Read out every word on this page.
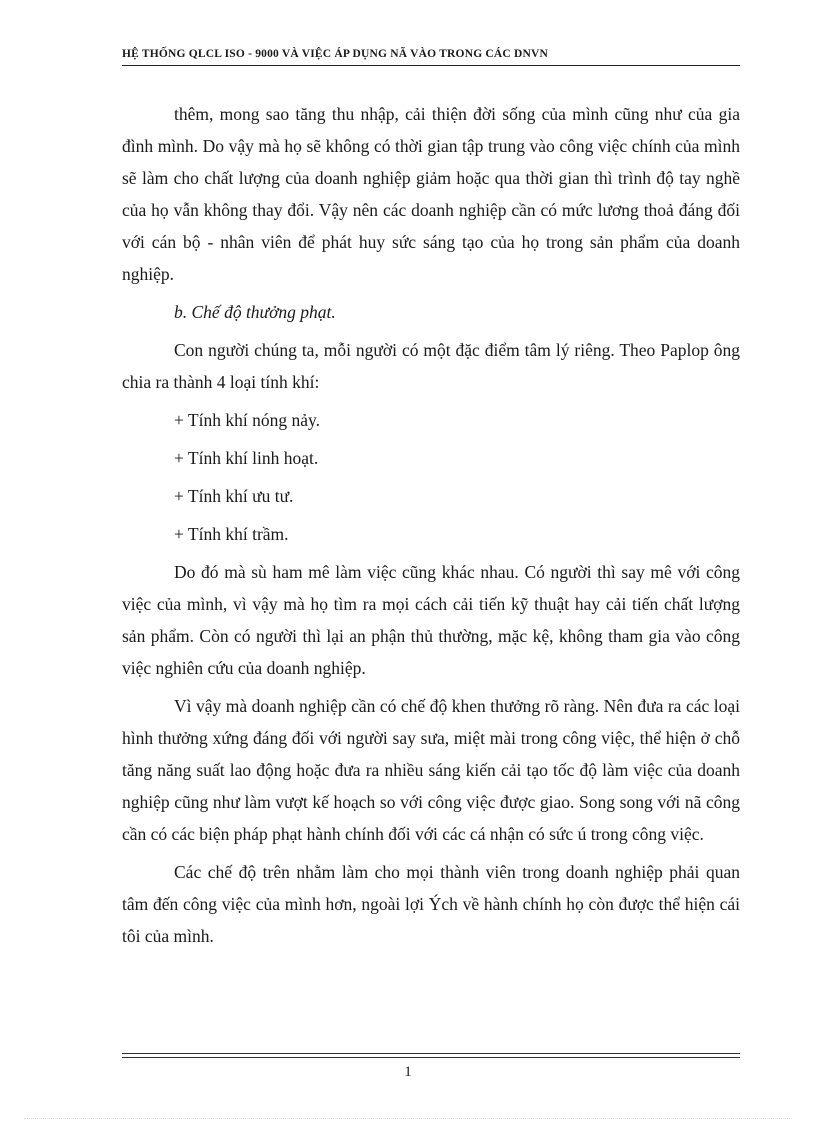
HỆ THỐNG QLCL ISO - 9000 VÀ VIỆC ÁP DỤNG NÃ VÀO TRONG CÁC DNVN

thêm, mong sao tăng thu nhập, cải thiện đời sống của mình cũng như của gia đình mình. Do vậy mà họ sẽ không có thời gian tập trung vào công việc chính của mình sẽ làm cho chất lượng của doanh nghiệp giảm hoặc qua thời gian thì trình độ tay nghề của họ vẫn không thay đổi. Vậy nên các doanh nghiệp cần có mức lương thoả đáng đối với cán bộ - nhân viên để phát huy sức sáng tạo của họ trong sản phẩm của doanh nghiệp.

b. Chế độ thưởng phạt.

Con người chúng ta, mỗi người có một đặc điểm tâm lý riêng. Theo Paplop ông chia ra thành 4 loại tính khí:

+ Tính khí nóng nảy.

+ Tính khí linh hoạt.

+ Tính khí ưu tư.

+ Tính khí trầm.

Do đó mà sù ham mê làm việc cũng khác nhau. Có người thì say mê với công việc của mình, vì vậy mà họ tìm ra mọi cách cải tiến kỹ thuật hay cải tiến chất lượng sản phẩm. Còn có người thì lại an phận thủ thường, mặc kệ, không tham gia vào công việc nghiên cứu của doanh nghiệp.

Vì vậy mà doanh nghiệp cần có chế độ khen thưởng rõ ràng. Nên đưa ra các loại hình thưởng xứng đáng đối với người say sưa, miệt mài trong công việc, thể hiện ở chỗ tăng năng suất lao động hoặc đưa ra nhiều sáng kiến cải tạo tốc độ làm việc của doanh nghiệp cũng như làm vượt kế hoạch so với công việc được giao. Song song với nã công cần có các biện pháp phạt hành chính đối với các cá nhận có sức ú trong công việc.

Các chế độ trên nhằm làm cho mọi thành viên trong doanh nghiệp phải quan tâm đến công việc của mình hơn, ngoài lợi Ých về hành chính họ còn được thể hiện cái tôi của mình.

1
